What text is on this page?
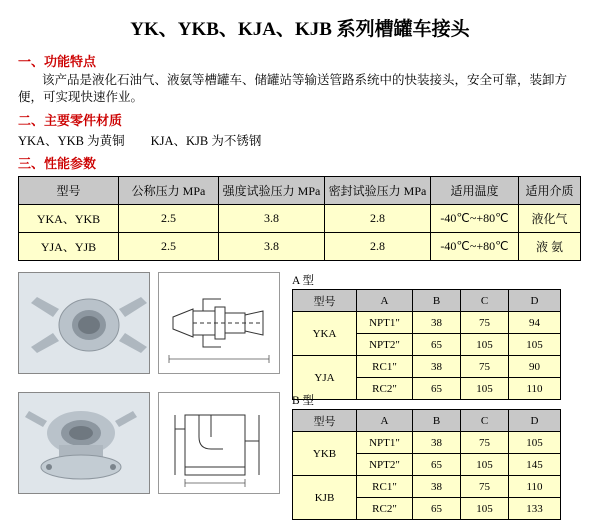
YK、YKB、KJA、KJB 系列槽罐车接头
一、功能特点
该产品是液化石油气、液氨等槽罐车、储罐站等输送管路系统中的快装接头，安全可靠，装卸方便，可实现快速作业。
二、主要零件材质
YKA、YKB 为黄铜 KJA、KJB 为不锈钢
三、性能参数
型号	公称压力 MPa	强度试验压力 MPa	密封试验压力 MPa	适用温度	适用介质
YKA、YKB	2.5	3.8	2.8	-40℃~+80℃	液化气
YJA、YJB	2.5	3.8	2.8	-40℃~+80℃	液 氨
A 型
型号	A	B	C	D
YKA	NPT1"	38	75	94
	NPT2"	65	105	105
YJA	RC1"	38	75	90
	RC2"	65	105	110
B 型
型号	A	B	C	D
YKB	NPT1"	38	75	105
	NPT2"	65	105	145
KJB	RC1"	38	75	110
	RC2"	65	105	133
